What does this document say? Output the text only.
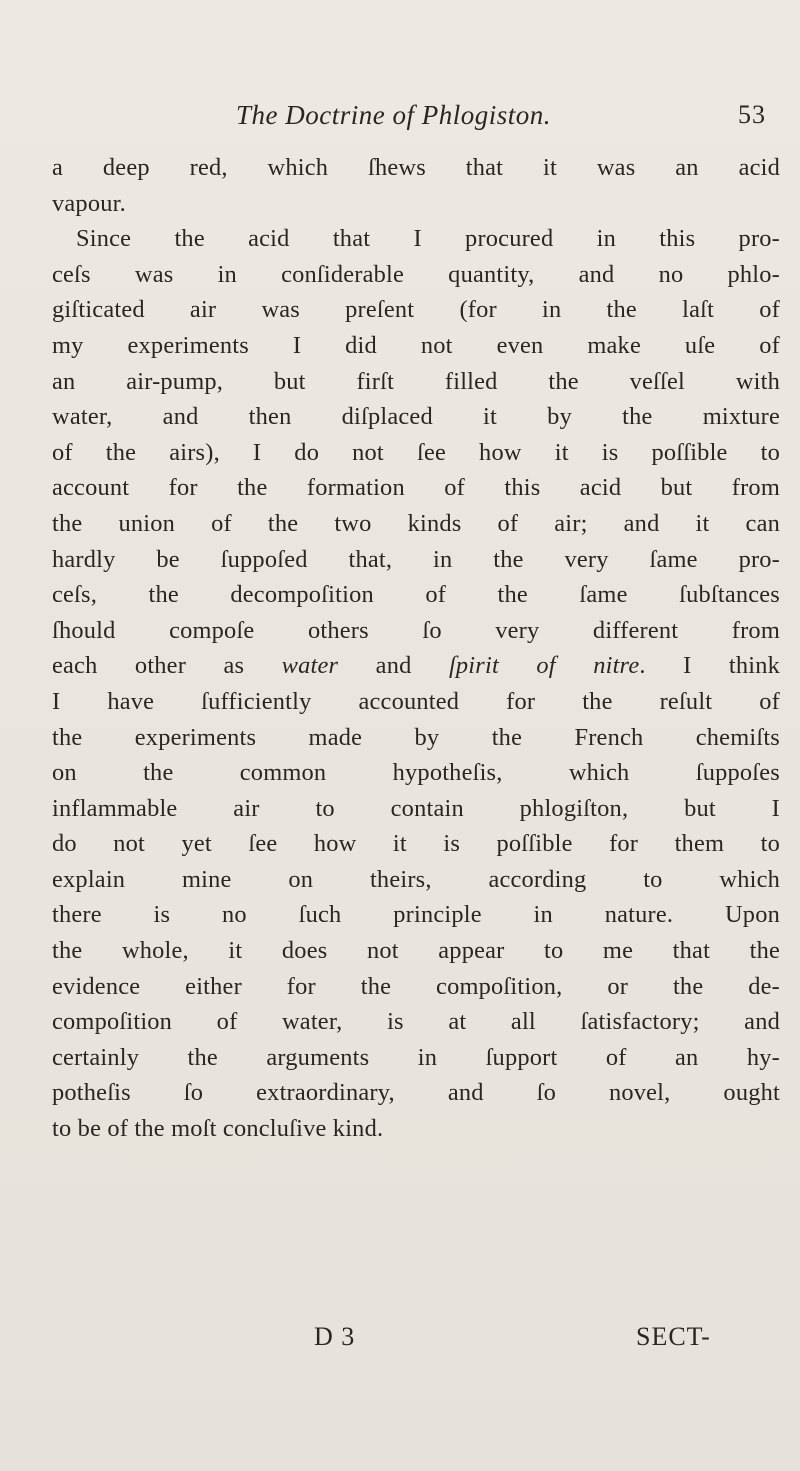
The Doctrine of Phlogiston.	53
a deep red, which ſhews that it was an acid
vapour.
Since the acid that I procured in this pro-
ceſs was in conſiderable quantity, and no phlo-
giſticated air was preſent (for in the laſt of
my experiments I did not even make uſe of
an air-pump, but firſt filled the veſſel with
water, and then diſplaced it by the mixture
of the airs), I do not ſee how it is poſſible to
account for the formation of this acid but from
the union of the two kinds of air; and it can
hardly be ſuppoſed that, in the very ſame pro-
ceſs, the decompoſition of the ſame ſubſtances
ſhould compoſe others ſo very different from
each other as water and ſpirit of nitre. I think
I have ſufficiently accounted for the reſult of
the experiments made by the French chemiſts
on the common hypotheſis, which ſuppoſes
inflammable air to contain phlogiſton, but I
do not yet ſee how it is poſſible for them to
explain mine on theirs, according to which
there is no ſuch principle in nature. Upon
the whole, it does not appear to me that the
evidence either for the compoſition, or the de-
compoſition of water, is at all ſatisfactory; and
certainly the arguments in ſupport of an hy-
potheſis ſo extraordinary, and ſo novel, ought
to be of the moſt concluſive kind.
D 3	SECT-
